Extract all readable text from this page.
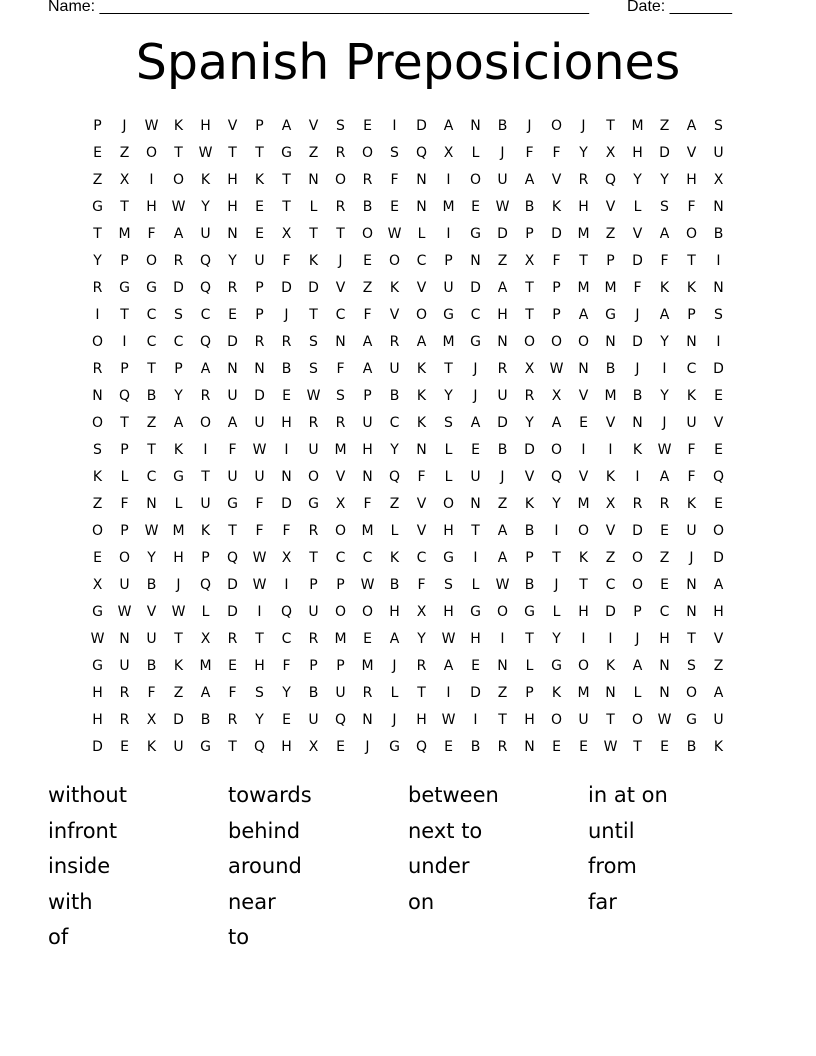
Name: _______________________________________________________ Date: _______
Spanish Preposiciones
P	J	W	K	H	V	P	A	V	S	E	I	D	A	N	B	J	O	J	T	M	Z	A	S
E	Z	O	T	W	T	T	G	Z	R	O	S	Q	X	L	J	F	F	Y	X	H	D	V	U
Z	X	I	O	K	H	K	T	N	O	R	F	N	I	O	U	A	V	R	Q	Y	Y	H	X
G	T	H	W	Y	H	E	T	L	R	B	E	N	M	E	W	B	K	H	V	L	S	F	N
T	M	F	A	U	N	E	X	T	T	O	W	L	I	G	D	P	D	M	Z	V	A	O	B
Y	P	O	R	Q	Y	U	F	K	J	E	O	C	P	N	Z	X	F	T	P	D	F	T	I
R	G	G	D	Q	R	P	D	D	V	Z	K	V	U	D	A	T	P	M	M	F	K	K	N
I	T	C	S	C	E	P	J	T	C	F	V	O	G	C	H	T	P	A	G	J	A	P	S
O	I	C	C	Q	D	R	R	S	N	A	R	A	M	G	N	O	O	O	N	D	Y	N	I
R	P	T	P	A	N	N	B	S	F	A	U	K	T	J	R	X	W	N	B	J	I	C	D
N	Q	B	Y	R	U	D	E	W	S	P	B	K	Y	J	U	R	X	V	M	B	Y	K	E
O	T	Z	A	O	A	U	H	R	R	U	C	K	S	A	D	Y	A	E	V	N	J	U	V
S	P	T	K	I	F	W	I	U	M	H	Y	N	L	E	B	D	O	I	I	K	W	F	E
K	L	C	G	T	U	U	N	O	V	N	Q	F	L	U	J	V	Q	V	K	I	A	F	Q
Z	F	N	L	U	G	F	D	G	X	F	Z	V	O	N	Z	K	Y	M	X	R	R	K	E
O	P	W	M	K	T	F	F	R	O	M	L	V	H	T	A	B	I	O	V	D	E	U	O
E	O	Y	H	P	Q	W	X	T	C	C	K	C	G	I	A	P	T	K	Z	O	Z	J	D
X	U	B	J	Q	D	W	I	P	P	W	B	F	S	L	W	B	J	T	C	O	E	N	A
G	W	V	W	L	D	I	Q	U	O	O	H	X	H	G	O	G	L	H	D	P	C	N	H
W	N	U	T	X	R	T	C	R	M	E	A	Y	W	H	I	T	Y	I	I	J	H	T	V
G	U	B	K	M	E	H	F	P	P	M	J	R	A	E	N	L	G	O	K	A	N	S	Z
H	R	F	Z	A	F	S	Y	B	U	R	L	T	I	D	Z	P	K	M	N	L	N	O	A
H	R	X	D	B	R	Y	E	U	Q	N	J	H	W	I	T	H	O	U	T	O	W	G	U
D	E	K	U	G	T	Q	H	X	E	J	G	Q	E	B	R	N	E	E	W	T	E	B	K
without	towards	between	in at on
infront	behind	next to	until
inside	around	under	from
with	near	on	far
of	to
